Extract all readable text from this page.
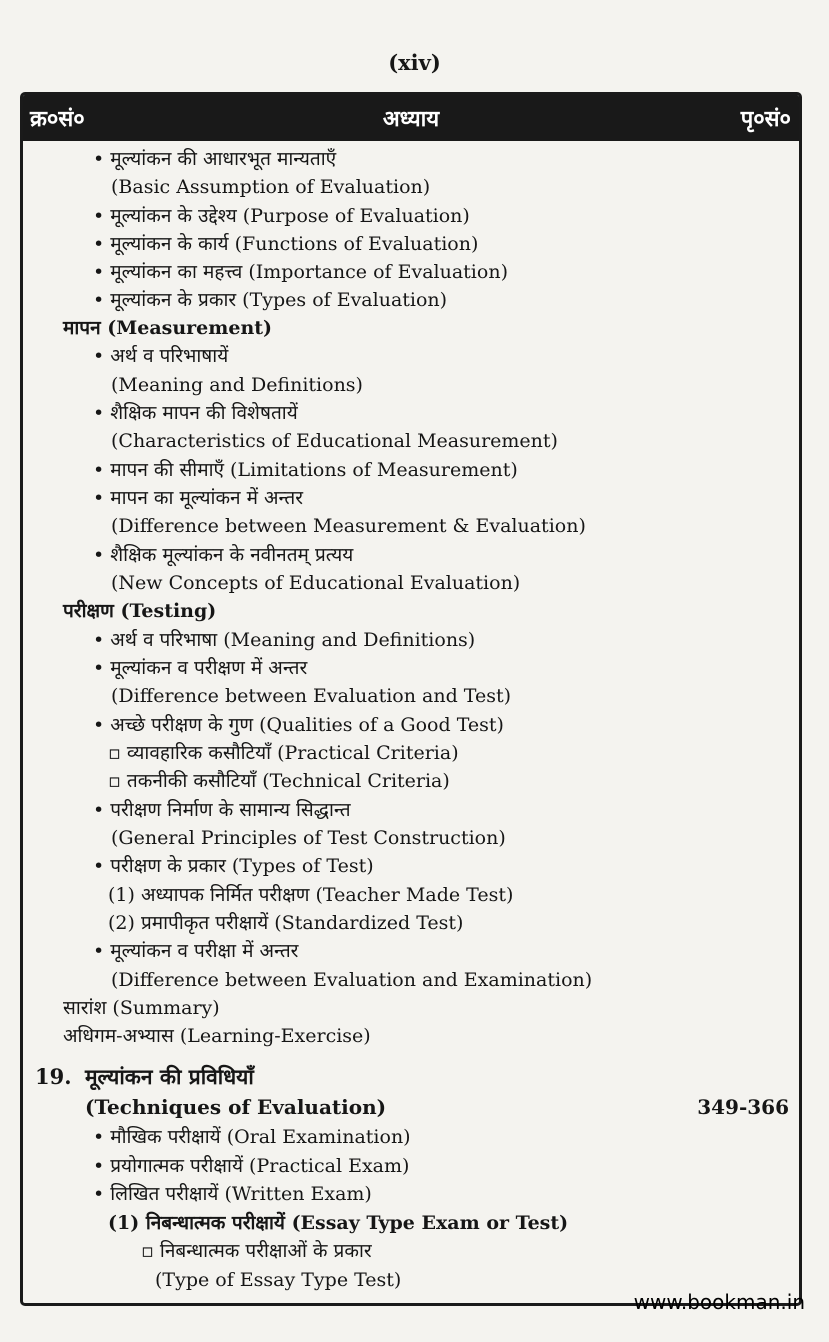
(xiv)
क्र०सं०	अध्याय	पृ०सं०
• मूल्यांकन की आधारभूत मान्यताएँ
(Basic Assumption of Evaluation)
• मूल्यांकन के उद्देश्य (Purpose of Evaluation)
• मूल्यांकन के कार्य (Functions of Evaluation)
• मूल्यांकन का महत्त्व (Importance of Evaluation)
• मूल्यांकन के प्रकार (Types of Evaluation)
मापन (Measurement)
• अर्थ व परिभाषायें
(Meaning and Definitions)
• शैक्षिक मापन की विशेषतायें
(Characteristics of Educational Measurement)
• मापन की सीमाएँ (Limitations of Measurement)
• मापन का मूल्यांकन में अन्तर
(Difference between Measurement & Evaluation)
• शैक्षिक मूल्यांकन के नवीनतम् प्रत्यय
(New Concepts of Educational Evaluation)
परीक्षण (Testing)
• अर्थ व परिभाषा (Meaning and Definitions)
• मूल्यांकन व परीक्षण में अन्तर
(Difference between Evaluation and Test)
• अच्छे परीक्षण के गुण (Qualities of a Good Test)
▫ व्यावहारिक कसौटियाँ (Practical Criteria)
▫ तकनीकी कसौटियाँ (Technical Criteria)
• परीक्षण निर्माण के सामान्य सिद्धान्त
(General Principles of Test Construction)
• परीक्षण के प्रकार (Types of Test)
(1) अध्यापक निर्मित परीक्षण (Teacher Made Test)
(2) प्रमापीकृत परीक्षायें (Standardized Test)
• मूल्यांकन व परीक्षा में अन्तर
(Difference between Evaluation and Examination)
सारांश (Summary)
अधिगम-अभ्यास (Learning-Exercise)
19. मूल्यांकन की प्रविधियाँ
(Techniques of Evaluation)	349-366
• मौखिक परीक्षायें (Oral Examination)
• प्रयोगात्मक परीक्षायें (Practical Exam)
• लिखित परीक्षायें (Written Exam)
(1) निबन्धात्मक परीक्षायें (Essay Type Exam or Test)
▫ निबन्धात्मक परीक्षाओं के प्रकार
(Type of Essay Type Test)
www.bookman.in
